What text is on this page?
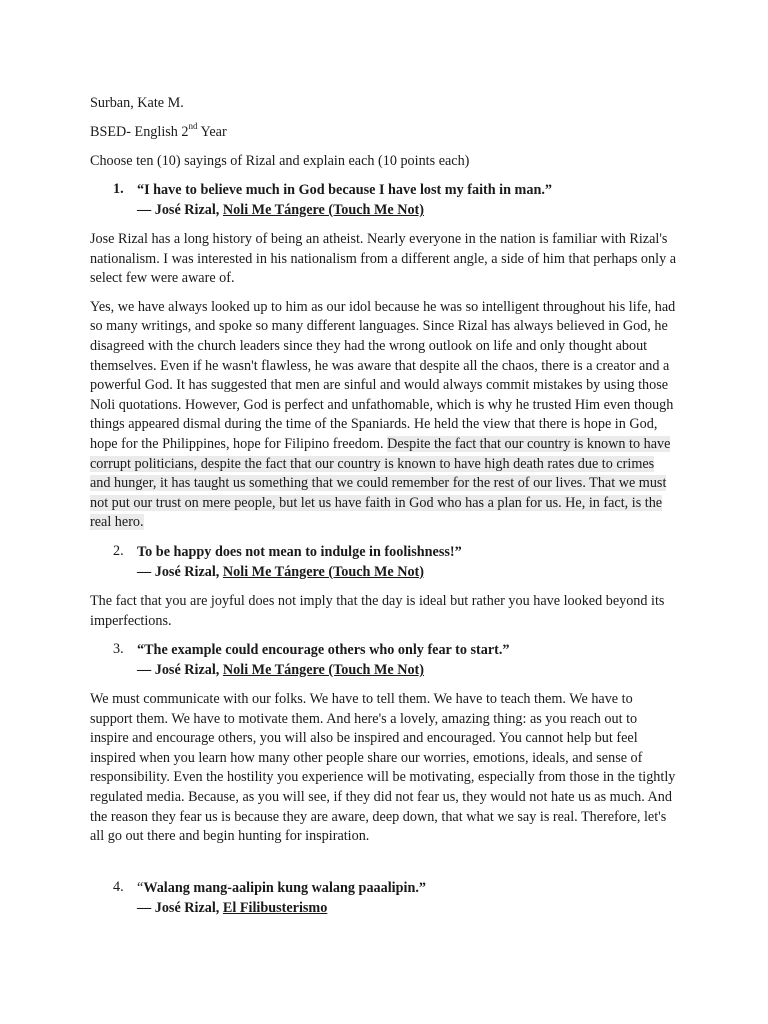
Surban, Kate M.
BSED- English 2nd Year
Choose ten (10) sayings of Rizal and explain each (10 points each)
1. “I have to believe much in God because I have lost my faith in man.”
— José Rizal, Noli Me Tángere (Touch Me Not)

Jose Rizal has a long history of being an atheist. Nearly everyone in the nation is familiar with Rizal's nationalism. I was interested in his nationalism from a different angle, a side of him that perhaps only a select few were aware of.

Yes, we have always looked up to him as our idol because he was so intelligent throughout his life, had so many writings, and spoke so many different languages. Since Rizal has always believed in God, he disagreed with the church leaders since they had the wrong outlook on life and only thought about themselves. Even if he wasn't flawless, he was aware that despite all the chaos, there is a creator and a powerful God. It has suggested that men are sinful and would always commit mistakes by using those Noli quotations. However, God is perfect and unfathomable, which is why he trusted Him even though things appeared dismal during the time of the Spaniards. He held the view that there is hope in God, hope for the Philippines, hope for Filipino freedom. Despite the fact that our country is known to have corrupt politicians, despite the fact that our country is known to have high death rates due to crimes and hunger, it has taught us something that we could remember for the rest of our lives. That we must not put our trust on mere people, but let us have faith in God who has a plan for us. He, in fact, is the real hero.

2. To be happy does not mean to indulge in foolishness!”
— José Rizal, Noli Me Tángere (Touch Me Not)

The fact that you are joyful does not imply that the day is ideal but rather you have looked beyond its imperfections.

3. “The example could encourage others who only fear to start.”
— José Rizal, Noli Me Tángere (Touch Me Not)

We must communicate with our folks. We have to tell them. We have to teach them. We have to support them. We have to motivate them. And here's a lovely, amazing thing: as you reach out to inspire and encourage others, you will also be inspired and encouraged. You cannot help but feel inspired when you learn how many other people share our worries, emotions, ideals, and sense of responsibility. Even the hostility you experience will be motivating, especially from those in the tightly regulated media. Because, as you will see, if they did not fear us, they would not hate us as much. And the reason they fear us is because they are aware, deep down, that what we say is real. Therefore, let's all go out there and begin hunting for inspiration.

4. “Walang mang-aalipin kung walang paaalipin.”
— José Rizal, El Filibusterismo
